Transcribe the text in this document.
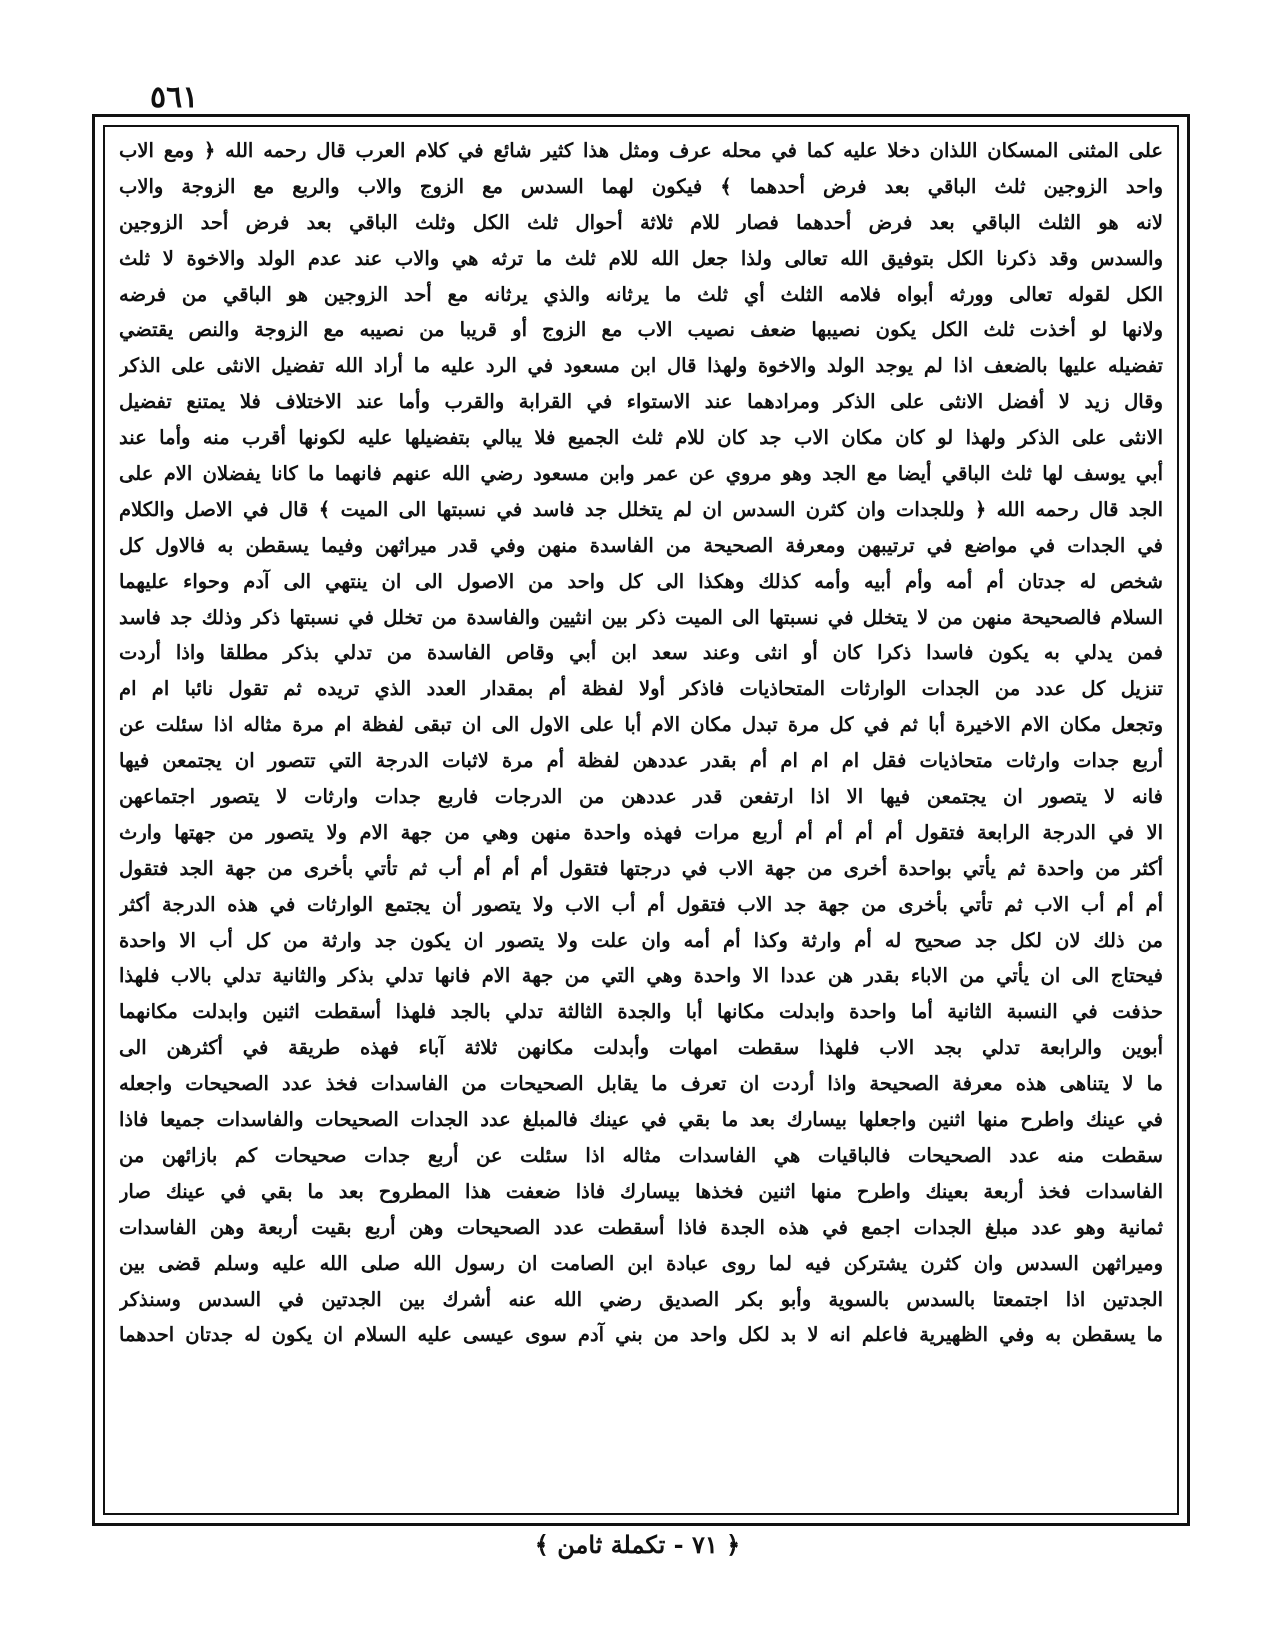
٥٦١
على المثنى المسكان اللذان دخلا عليه كما في محله عرف ومثل هذا كثير شائع في كلام العرب قال رحمه الله ﴿ ومع الاب
واحد الزوجين ثلث الباقي بعد فرض أحدهما ﴾ فيكون لهما السدس مع الزوج والاب والربع مع الزوجة والاب
لانه هو الثلث الباقي بعد فرض أحدهما فصار للام ثلاثة أحوال ثلث الكل وثلث الباقي بعد فرض أحد الزوجين
والسدس وقد ذكرنا الكل بتوفيق الله تعالى ولذا جعل الله للام ثلث ما ترثه هي والاب عند عدم الولد والاخوة لا ثلث
الكل لقوله تعالى وورثه أبواه فلامه الثلث أي ثلث ما يرثانه والذي يرثانه مع أحد الزوجين هو الباقي من فرضه
ولانها لو أخذت ثلث الكل يكون نصيبها ضعف نصيب الاب مع الزوج أو قريبا من نصيبه مع الزوجة والنص يقتضي
تفضيله عليها بالضعف اذا لم يوجد الولد والاخوة ولهذا قال ابن مسعود في الرد عليه ما أراد الله تفضيل الانثى على الذكر
وقال زيد لا أفضل الانثى على الذكر ومرادهما عند الاستواء في القرابة والقرب وأما عند الاختلاف فلا يمتنع تفضيل
الانثى على الذكر ولهذا لو كان مكان الاب جد كان للام ثلث الجميع فلا يبالي بتفضيلها عليه لكونها أقرب منه وأما عند
أبي يوسف لها ثلث الباقي أيضا مع الجد وهو مروي عن عمر وابن مسعود رضي الله عنهم فانهما ما كانا يفضلان الام على
الجد قال رحمه الله ﴿ وللجدات وان كثرن السدس ان لم يتخلل جد فاسد في نسبتها الى الميت ﴾ قال في الاصل والكلام
في الجدات في مواضع في ترتيبهن ومعرفة الصحيحة من الفاسدة منهن وفي قدر ميراثهن وفيما يسقطن به فالاول كل
شخص له جدتان أم أمه وأم أبيه وأمه كذلك وهكذا الى كل واحد من الاصول الى ان ينتهي الى آدم وحواء عليهما
السلام فالصحيحة منهن من لا يتخلل في نسبتها الى الميت ذكر بين انثيين والفاسدة من تخلل في نسبتها ذكر وذلك جد فاسد
فمن يدلي به يكون فاسدا ذكرا كان أو انثى وعند سعد ابن أبي وقاص الفاسدة من تدلي بذكر مطلقا واذا أردت
تنزيل كل عدد من الجدات الوارثات المتحاذيات فاذكر أولا لفظة أم بمقدار العدد الذي تريده ثم تقول نائبا ام ام
وتجعل مكان الام الاخيرة أبا ثم في كل مرة تبدل مكان الام أبا على الاول الى ان تبقى لفظة ام مرة مثاله اذا سئلت عن
أربع جدات وارثات متحاذيات فقل ام ام ام أم بقدر عددهن لفظة أم مرة لاثبات الدرجة التي تتصور ان يجتمعن فيها
فانه لا يتصور ان يجتمعن فيها الا اذا ارتفعن قدر عددهن من الدرجات فاربع جدات وارثات لا يتصور اجتماعهن
الا في الدرجة الرابعة فتقول أم أم أم أم أربع مرات فهذه واحدة منهن وهي من جهة الام ولا يتصور من جهتها وارث
أكثر من واحدة ثم يأتي بواحدة أخرى من جهة الاب في درجتها فتقول أم أم أم أب ثم تأتي بأخرى من جهة الجد فتقول
أم أم أب الاب ثم تأتي بأخرى من جهة جد الاب فتقول أم أب الاب ولا يتصور أن يجتمع الوارثات في هذه الدرجة أكثر
من ذلك لان لكل جد صحيح له أم وارثة وكذا أم أمه وان علت ولا يتصور ان يكون جد وارثة من كل أب الا واحدة
فيحتاج الى ان يأتي من الاباء بقدر هن عددا الا واحدة وهي التي من جهة الام فانها تدلي بذكر والثانية تدلي بالاب فلهذا
حذفت في النسبة الثانية أما واحدة وابدلت مكانها أبا والجدة الثالثة تدلي بالجد فلهذا أسقطت اثنين وابدلت مكانهما
أبوين والرابعة تدلي بجد الاب فلهذا سقطت امهات وأبدلت مكانهن ثلاثة آباء فهذه طريقة في أكثرهن الى
ما لا يتناهى هذه معرفة الصحيحة واذا أردت ان تعرف ما يقابل الصحيحات من الفاسدات فخذ عدد الصحيحات واجعله
في عينك واطرح منها اثنين واجعلها بيسارك بعد ما بقي في عينك فالمبلغ عدد الجدات الصحيحات والفاسدات جميعا فاذا
سقطت منه عدد الصحيحات فالباقيات هي الفاسدات مثاله اذا سئلت عن أربع جدات صحيحات كم بازائهن من
الفاسدات فخذ أربعة بعينك واطرح منها اثنين فخذها بيسارك فاذا ضعفت هذا المطروح بعد ما بقي في عينك صار
ثمانية وهو عدد مبلغ الجدات اجمع في هذه الجدة فاذا أسقطت عدد الصحيحات وهن أربع بقيت أربعة وهن الفاسدات
وميراثهن السدس وان كثرن يشتركن فيه لما روى عبادة ابن الصامت ان رسول الله صلى الله عليه وسلم قضى بين
الجدتين اذا اجتمعتا بالسدس بالسوية وأبو بكر الصديق رضي الله عنه أشرك بين الجدتين في السدس وسنذكر
ما يسقطن به وفي الظهيرية فاعلم انه لا بد لكل واحد من بني آدم سوى عيسى عليه السلام ان يكون له جدتان احدهما
﴿ ٧١ - تكملة ثامن ﴾
